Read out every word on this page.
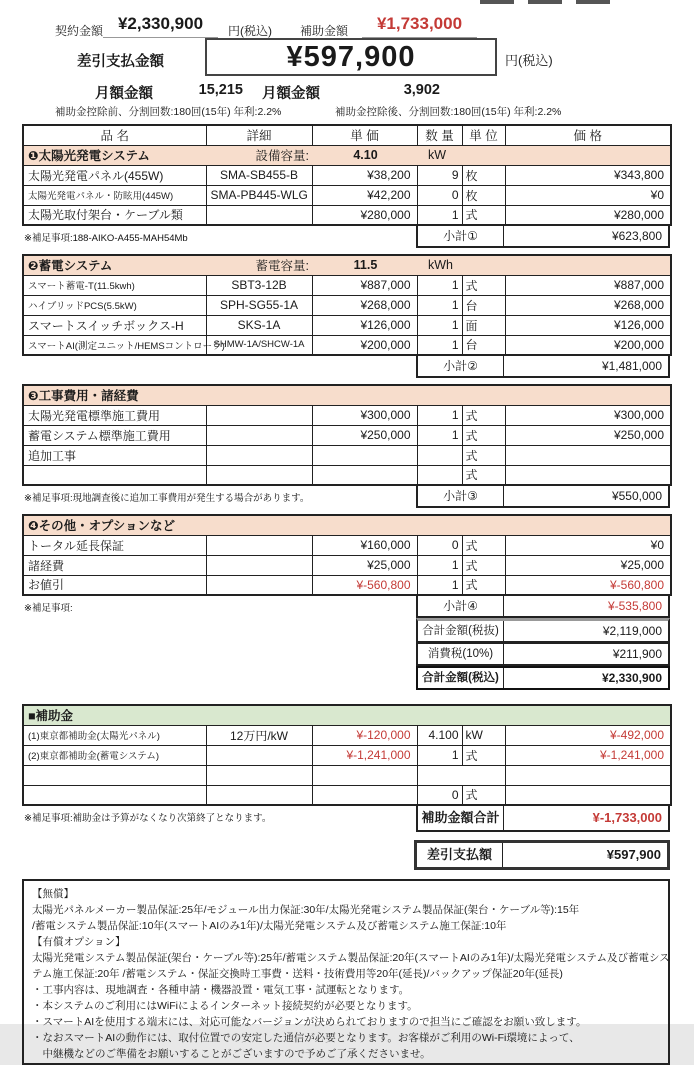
契約金額 ¥2,330,900	円(税込) 補助金額	¥1,733,000
差引支払金額	¥597,900	円(税込)
月額金額	15,215 月額金額	3,902
補助金控除前、分割回数:180回(15年) 年利:2.2%	補助金控除後、分割回数:180回(15年) 年利:2.2%
品 名	詳細	単 価	数 量	単 位	価 格

❶太陽光発電システム 設備容量: 4.10 kW					

太陽光発電パネル(455W)	SMA-SB455-B	¥38,200	9	枚	¥343,800
太陽光発電パネル・防眩用(445W)	SMA-PB445-WLG	¥42,200	0	枚	¥0
太陽光取付架台・ケーブル類		¥280,000	1	式	¥280,000
※補足事項:188-AIKO-A455-MAH54Mb	小計①	¥623,800
❷蓄電システム 蓄電容量: 11.5 kWh					

スマート蓄電-T(11.5kwh)	SBT3-12B	¥887,000	1	式	¥887,000
ハイブリッドPCS(5.5kW)	SPH-SG55-1A	¥268,000	1	台	¥268,000
スマートスイッチボックス-H	SKS-1A	¥126,000	1	面	¥126,000
スマートAI(測定ユニット/HEMSコントローラ)	SHMW-1A/SHCW-1A	¥200,000	1	台	¥200,000
小計②	¥1,481,000
❸工事費用・諸経費					

太陽光発電標準施工費用		¥300,000	1	式	¥300,000
蓄電システム標準施工費用		¥250,000	1	式	¥250,000
追加工事				式	
				式	
※補足事項:現地調査後に追加工事費用が発生する場合があります。	小計③	¥550,000
❹その他・オプションなど					

トータル延長保証		¥160,000	0	式	¥0
諸経費		¥25,000	1	式	¥25,000
お値引		¥-560,800	1	式	¥-560,800
※補足事項:	小計④	¥-535,800
合計金額(税抜)	¥2,119,000
消費税(10%)	¥211,900
合計金額(税込)	¥2,330,900
■補助金					

(1)東京都補助金(太陽光パネル)	12万円/kW	¥-120,000	4.100	kW	¥-492,000
(2)東京都補助金(蓄電システム)		¥-1,241,000	1	式	¥-1,241,000

			0	式	
※補足事項:補助金は予算がなくなり次第終了となります。	補助金額合計	¥-1,733,000
差引支払額	¥597,900
【無償】
太陽光パネルメーカー製品保証:25年/モジュール出力保証:30年/太陽光発電システム製品保証(架台・ケーブル等):15年
/蓄電システム製品保証:10年(スマートAIのみ1年)/太陽光発電システム及び蓄電システム施工保証:10年
【有償オプション】
太陽光発電システム製品保証(架台・ケーブル等):25年/蓄電システム製品保証:20年(スマートAIのみ1年)/太陽光発電システム及び蓄電シス
テム施工保証:20年 /蓄電システム・保証交換時工事費・送料・技術費用等20年(延長)/バックアップ保証20年(延長)
・工事内容は、現地調査・各種申請・機器設置・電気工事・試運転となります。
・本システムのご利用にはWiFiによるインターネット接続契約が必要となります。
・スマートAIを使用する端末には、対応可能なバージョンが決められておりますので担当にご確認をお願い致します。
・なおスマートAIの動作には、取付位置での安定した通信が必要となります。お客様がご利用のWi-Fi環境によって、
　中継機などのご準備をお願いすることがございますので予めご了承くださいませ。
